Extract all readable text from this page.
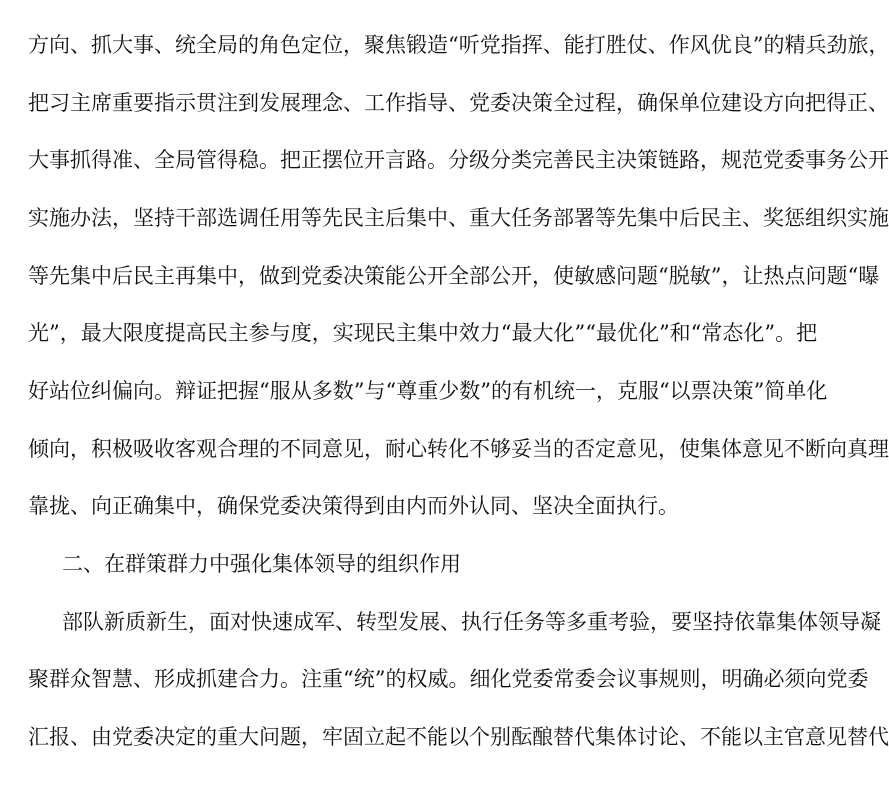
方向、抓大事、统全局的角色定位，聚焦锻造“听党指挥、能打胜仗、作风优良”的精兵劲旅，
把习主席重要指示贯注到发展理念、工作指导、党委决策全过程，确保单位建设方向把得正、
大事抓得准、全局管得稳。把正摆位开言路。分级分类完善民主决策链路，规范党委事务公开
实施办法，坚持干部选调任用等先民主后集中、重大任务部署等先集中后民主、奖惩组织实施
等先集中后民主再集中，做到党委决策能公开全部公开，使敏感问题“脱敏”，让热点问题“曝
光”，最大限度提高民主参与度，实现民主集中效力“最大化”“最优化”和“常态化”。把
好站位纠偏向。辩证把握“服从多数”与“尊重少数”的有机统一，克服“以票决策”简单化
倾向，积极吸收客观合理的不同意见，耐心转化不够妥当的否定意见，使集体意见不断向真理
靠拢、向正确集中，确保党委决策得到由内而外认同、坚决全面执行。
二、在群策群力中强化集体领导的组织作用
部队新质新生，面对快速成军、转型发展、执行任务等多重考验，要坚持依靠集体领导凝
聚群众智慧、形成抓建合力。注重“统”的权威。细化党委常委会议事规则，明确必须向党委
汇报、由党委决定的重大问题，牢固立起不能以个别酝酿替代集体讨论、不能以主官意见替代
